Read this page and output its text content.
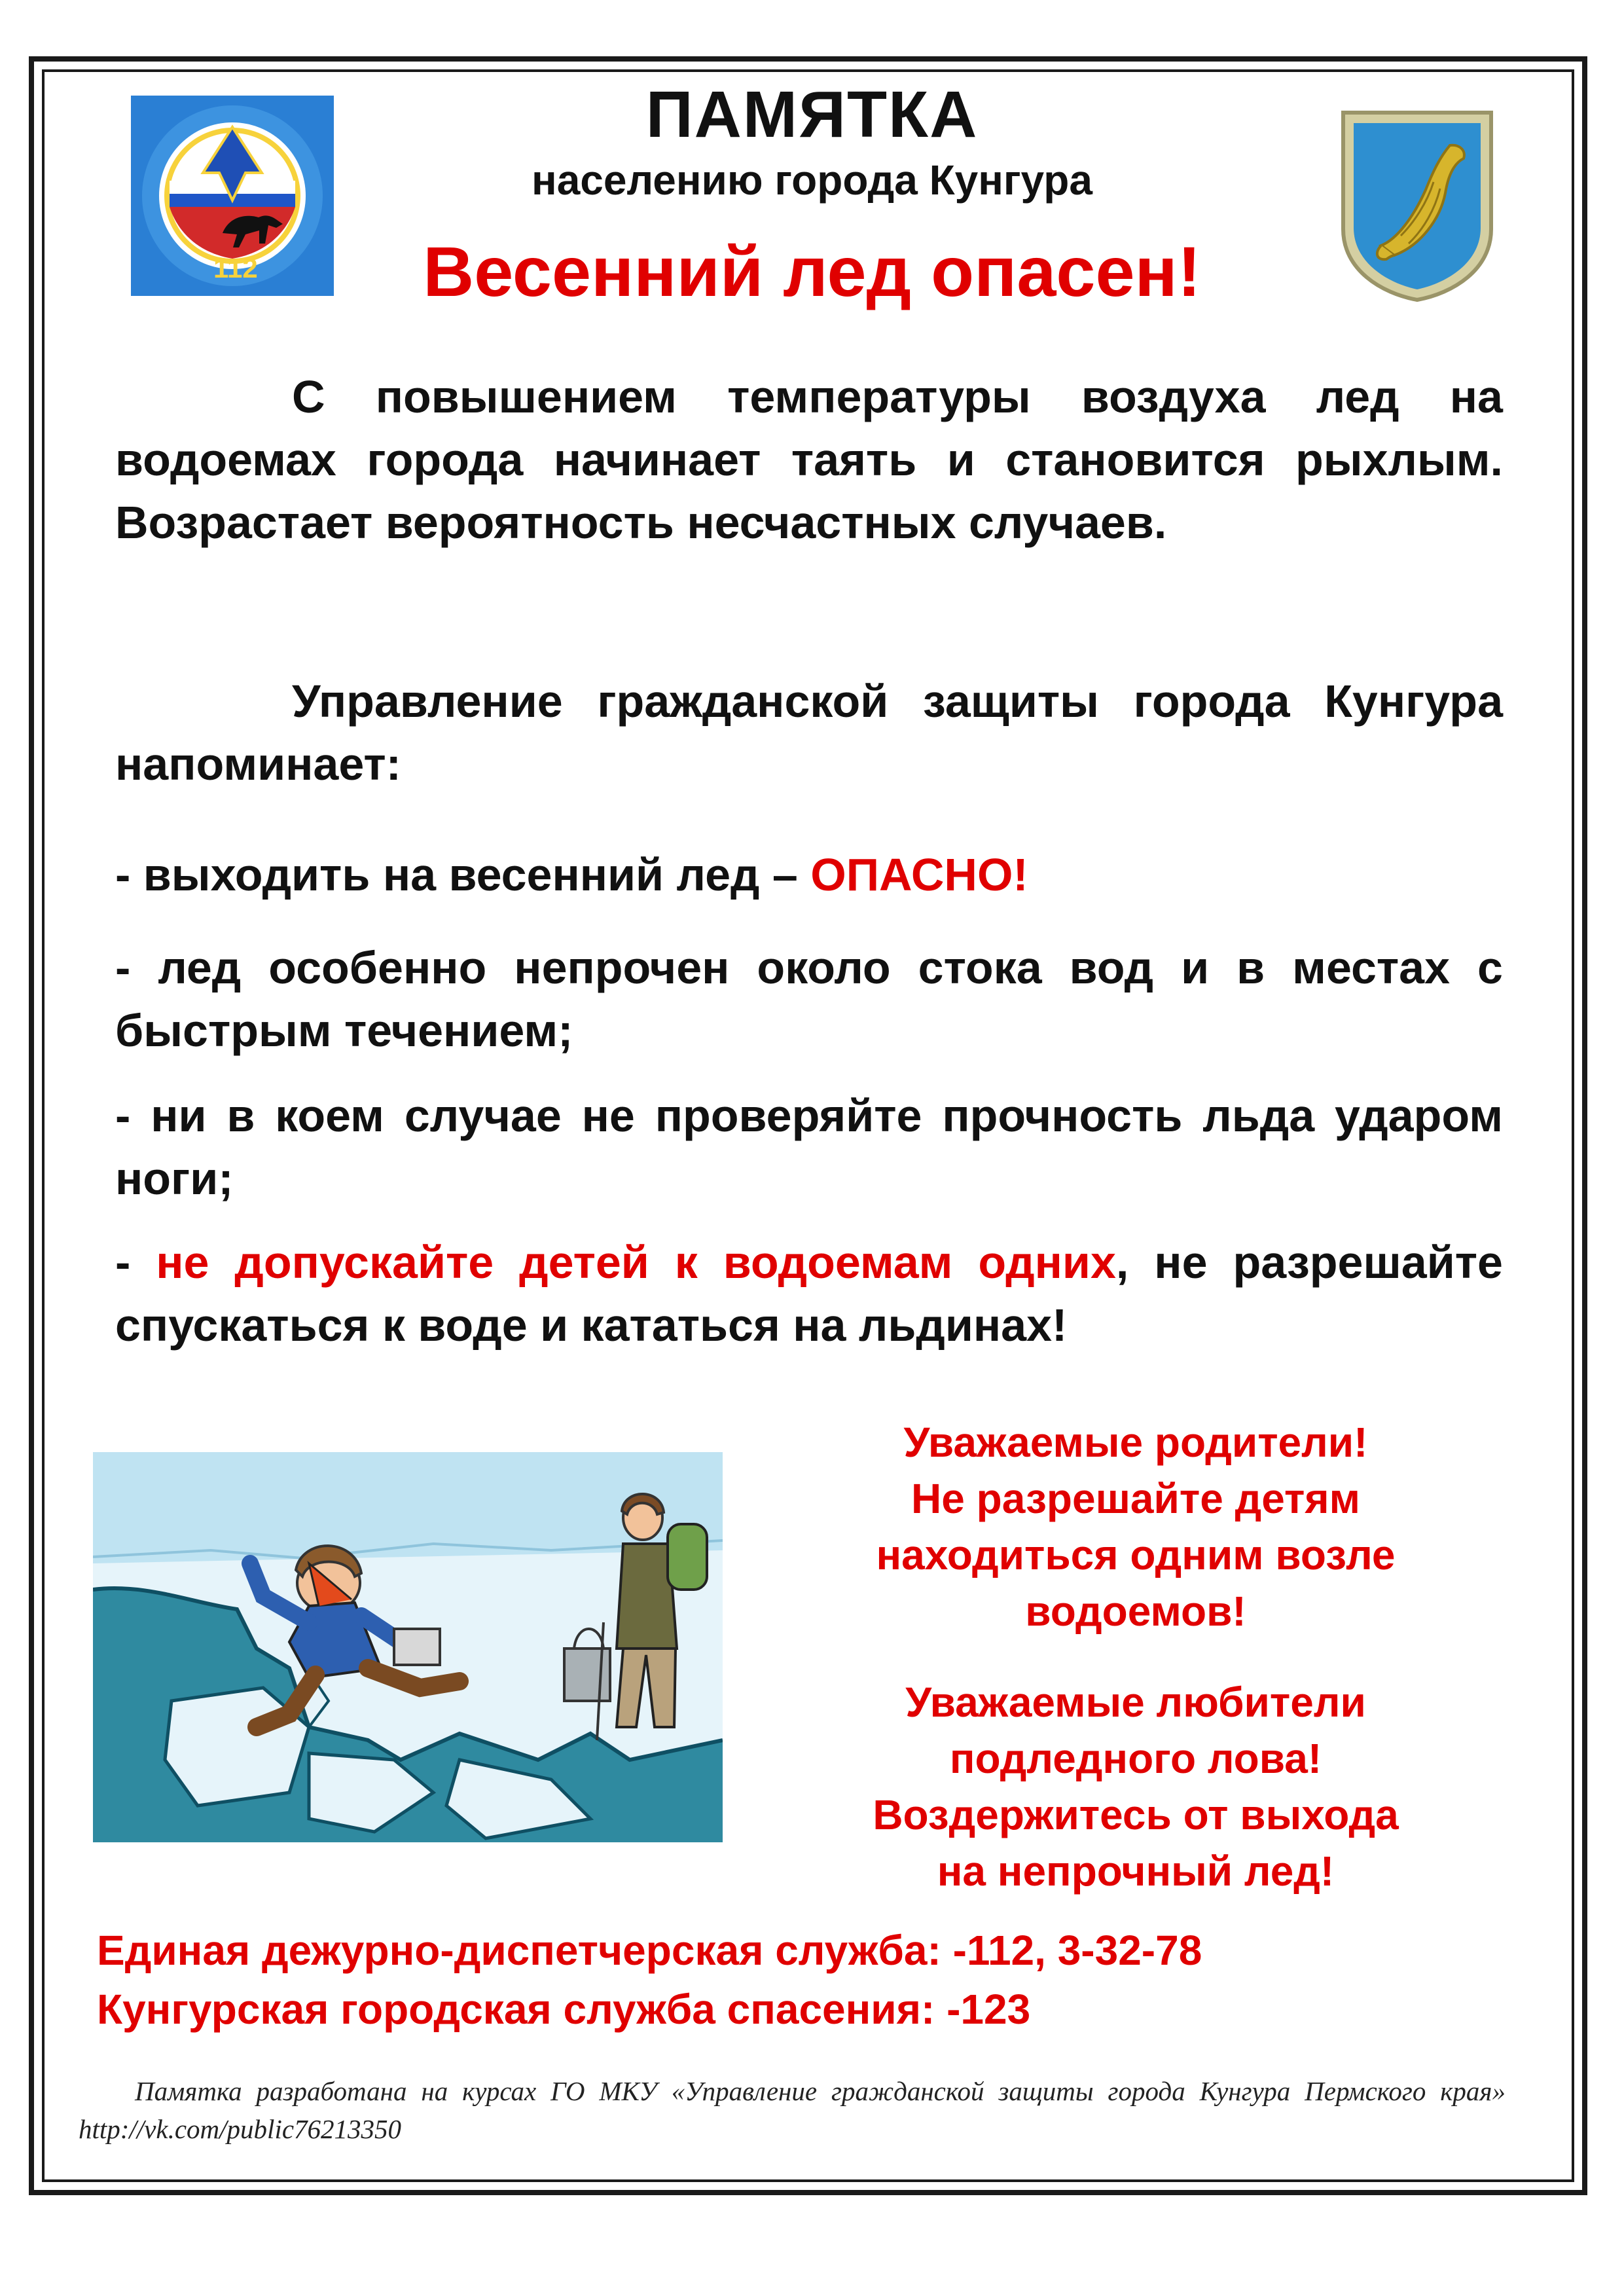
112
ПАМЯТКА
населению города Кунгура
Весенний лед опасен!
С повышением температуры воздуха лед на водоемах города начинает таять и становится рыхлым. Возрастает вероятность несчастных случаев.
Управление гражданской защиты города Кунгура напоминает:
- выходить на весенний лед – ОПАСНО!
- лед особенно непрочен около стока вод и в местах с быстрым течением;
- ни в коем случае не проверяйте прочность льда ударом ноги;
- не допускайте детей к водоемам одних, не разрешайте спускаться к воде и кататься на льдинах!
Уважаемые родители!
Не разрешайте детям
находиться одним возле
водоемов!
Уважаемые любители
подледного лова!
Воздержитесь от выхода
на непрочный лед!
Единая дежурно-диспетчерская служба: -112, 3-32-78
Кунгурская городская служба спасения: -123
Памятка разработана на курсах ГО МКУ «Управление гражданской защиты города Кунгура Пермского края» http://vk.com/public76213350
